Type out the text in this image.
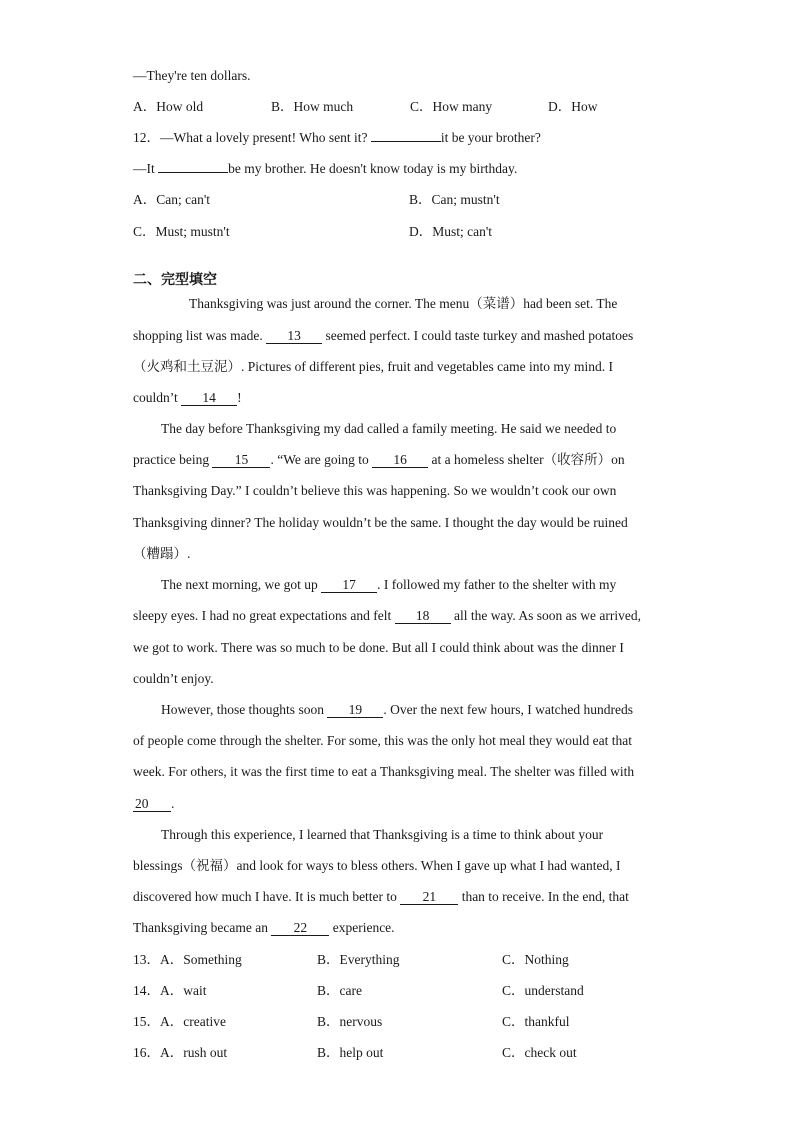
—They're ten dollars.
A．How old	B．How much	C．How many	D．How
12．—What a lovely present! Who sent it?	it be your brother?
—It	be my brother. He doesn't know today is my birthday.
A．Can; can't	B．Can; mustn't
C．Must; mustn't	D．Must; can't
二、完型填空
Thanksgiving was just around the corner. The menu（菜谱）had been set. The
shopping list was made. 13 seemed perfect. I could taste turkey and mashed potatoes
（火鸡和土豆泥）. Pictures of different pies, fruit and vegetables came into my mind. I
couldn’t 14 !
The day before Thanksgiving my dad called a family meeting. He said we needed to
practice being 15 . “We are going to 16 at a homeless shelter（收容所）on
Thanksgiving Day.” I couldn’t believe this was happening. So we wouldn’t cook our own
Thanksgiving dinner? The holiday wouldn’t be the same. I thought the day would be ruined
（糟蹋）.
The next morning, we got up 17 . I followed my father to the shelter with my
sleepy eyes. I had no great expectations and felt 18 all the way. As soon as we arrived,
we got to work. There was so much to be done. But all I could think about was the dinner I
couldn’t enjoy.
However, those thoughts soon 19 . Over the next few hours, I watched hundreds
of people come through the shelter. For some, this was the only hot meal they would eat that
week. For others, it was the first time to eat a Thanksgiving meal. The shelter was filled with
20 .
Through this experience, I learned that Thanksgiving is a time to think about your
blessings（祝福）and look for ways to bless others. When I gave up what I had wanted, I
discovered how much I have. It is much better to 21 than to receive. In the end, that
Thanksgiving became an 22 experience.
13． A．Something	B．Everything	C．Nothing
14． A．wait	B．care	C．understand
15． A．creative	B．nervous	C．thankful
16． A．rush out	B．help out	C．check out
